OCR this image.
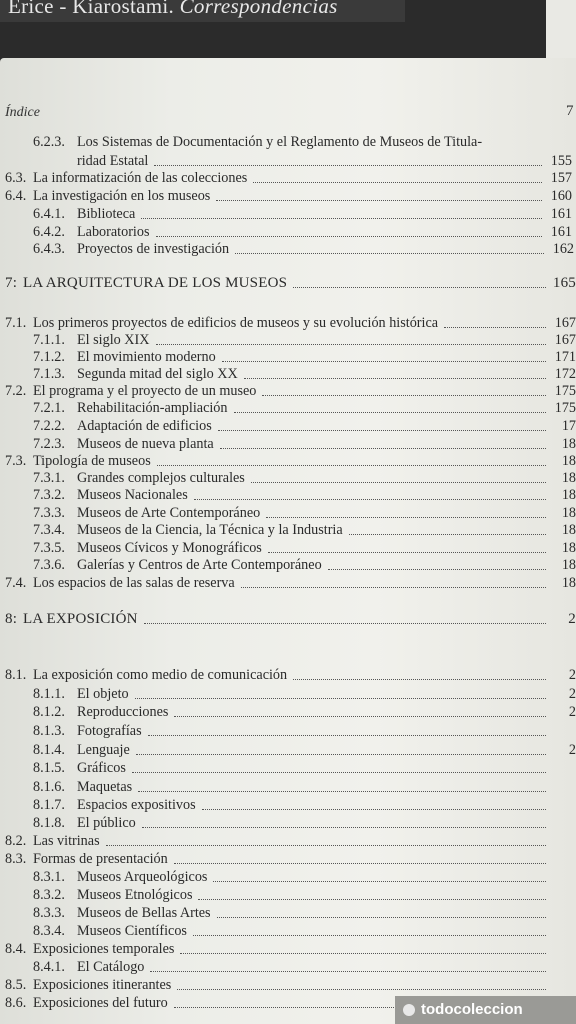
Erice - Kiarostami. Correspondencias
Índice	7
6.2.3. Los Sistemas de Documentación y el Reglamento de Museos de Titula-
ridad Estatal	155
6.3. La informatización de las colecciones	157
6.4. La investigación en los museos	160
6.4.1. Biblioteca	161
6.4.2. Laboratorios	161
6.4.3. Proyectos de investigación	162
7: LA ARQUITECTURA DE LOS MUSEOS	165
7.1. Los primeros proyectos de edificios de museos y su evolución histórica	167
7.1.1. El siglo XIX	167
7.1.2. El movimiento moderno	171
7.1.3. Segunda mitad del siglo XX	172
7.2. El programa y el proyecto de un museo	175
7.2.1. Rehabilitación-ampliación	175
7.2.2. Adaptación de edificios	17
7.2.3. Museos de nueva planta	18
7.3. Tipología de museos	18
7.3.1. Grandes complejos culturales	18
7.3.2. Museos Nacionales	18
7.3.3. Museos de Arte Contemporáneo	18
7.3.4. Museos de la Ciencia, la Técnica y la Industria	18
7.3.5. Museos Cívicos y Monográficos	18
7.3.6. Galerías y Centros de Arte Contemporáneo	18
7.4. Los espacios de las salas de reserva	18
8: LA EXPOSICIÓN	2
8.1. La exposición como medio de comunicación	2
8.1.1. El objeto	2
8.1.2. Reproducciones	2
8.1.3. Fotografías
8.1.4. Lenguaje	2
8.1.5. Gráficos
8.1.6. Maquetas
8.1.7. Espacios expositivos
8.1.8. El público
8.2. Las vitrinas
8.3. Formas de presentación
8.3.1. Museos Arqueológicos
8.3.2. Museos Etnológicos
8.3.3. Museos de Bellas Artes
8.3.4. Museos Científicos
8.4. Exposiciones temporales
8.4.1. El Catálogo
8.5. Exposiciones itinerantes
8.6. Exposiciones del futuro	todocoleccion
